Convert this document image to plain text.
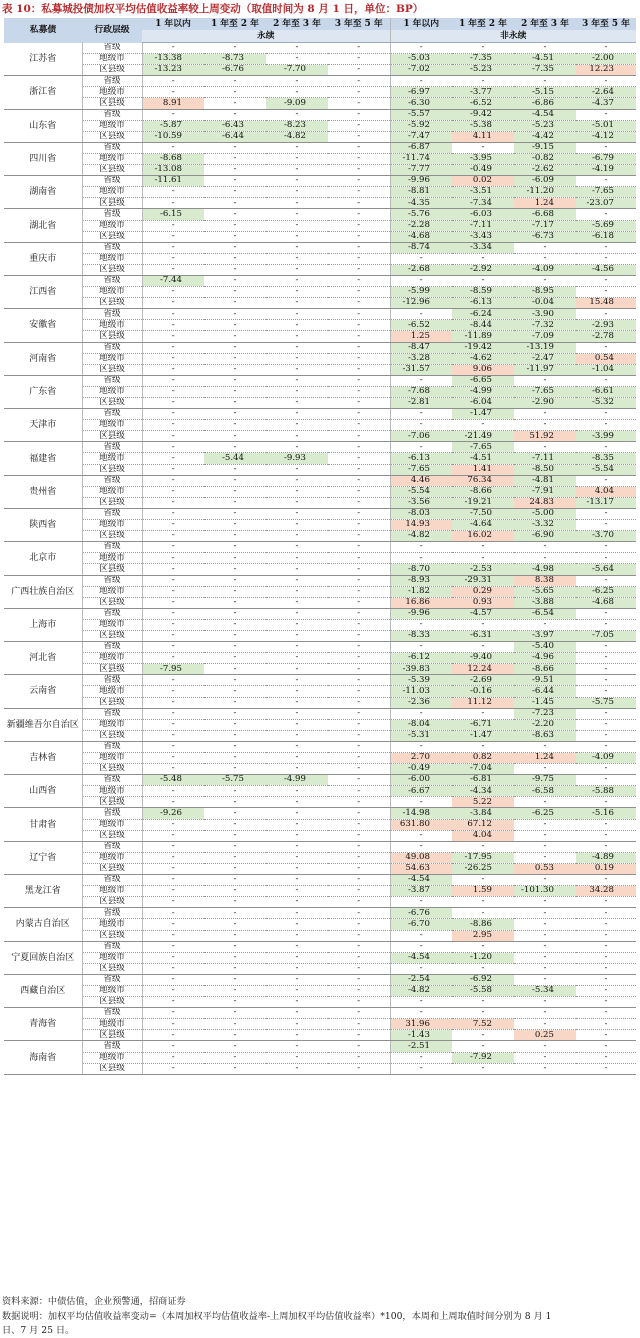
表 10：私募城投债加权平均估值收益率较上周变动（取值时间为 8 月 1 日，单位：BP）
私募债	行政层级	1 年以内	1 年至 2 年	2 年至 3 年	3 年至 5 年	1 年以内	1 年至 2 年	2 年至 3 年	3 年至 5 年
		永续				非永续			
江苏省	省级	-	-	-	-	-	-	-	-
	地级市	-13.38	-8.73	-	-	-5.03	-7.35	-4.51	-2.00
	区县级	-13.23	-6.76	-7.70	-	-7.02	-5.23	-7.35	12.23
浙江省	省级	-	-	-	-	-	-	-	-
	地级市	-	-	-	-	-6.97	-3.77	-5.15	-2.64
	区县级	8.91	-	-9.09	-	-6.30	-6.52	-6.86	-4.37
山东省	省级	-	-	-	-	-5.57	-9.42	-4.54	-
	地级市	-5.87	-6.43	-8.23	-	-5.92	-5.38	-5.23	-5.01
	区县级	-10.59	-6.44	-4.82	-	-7.47	4.11	-4.42	-4.12
四川省	省级	-	-	-	-	-6.87	-	-9.15	-
	地级市	-8.68	-	-	-	-11.74	-3.95	-0.82	-6.79
	区县级	-13.08	-	-	-	-7.77	-0.49	-2.62	-4.19
湖南省	省级	-11.61	-	-	-	-9.96	0.02	-6.09	-
	地级市	-	-	-	-	-8.81	-3.51	-11.20	-7.65
	区县级	-	-	-	-	-4.35	-7.34	1.24	-23.07
湖北省	省级	-6.15	-	-	-	-5.76	-6.03	-6.68	-
	地级市	-	-	-	-	-2.28	-7.11	-7.17	-5.69
	区县级	-	-	-	-	-4.68	-3.43	-6.73	-6.18
重庆市	省级	-	-	-	-	-8.74	-3.34	-	-
	地级市	-	-	-	-	-	-	-	-
	区县级	-	-	-	-	-2.68	-2.92	-4.09	-4.56
江西省	省级	-7.44	-	-	-	-	-	-	-
	地级市	-	-	-	-	-5.99	-8.59	-8.95	-
	区县级	-	-	-	-	-12.96	-6.13	-0.04	15.48
安徽省	省级	-	-	-	-	-	-6.24	-3.90	-
	地级市	-	-	-	-	-6.52	-8.44	-7.32	-2.93
	区县级	-	-	-	-	1.25	-11.89	-7.09	-2.78
河南省	省级	-	-	-	-	-8.47	-19.42	-13.19	-
	地级市	-	-	-	-	-3.28	-4.62	-2.47	0.54
	区县级	-	-	-	-	-31.57	9.06	-11.97	-1.04
广东省	省级	-	-	-	-	-	-6.65	-	-
	地级市	-	-	-	-	-7.68	-4.99	-7.65	-6.61
	区县级	-	-	-	-	-2.81	-6.04	-2.90	-5.32
天津市	省级	-	-	-	-	-	-1.47	-	-
	地级市	-	-	-	-	-	-	-	-
	区县级	-	-	-	-	-7.06	-21.49	51.92	-3.99
福建省	省级	-	-	-	-	-	-7.65	-	-
	地级市	-	-5.44	-9.93	-	-6.13	-4.51	-7.11	-8.35
	区县级	-	-	-	-	-7.65	1.41	-8.50	-5.54
贵州省	省级	-	-	-	-	4.46	76.34	-4.81	-
	地级市	-	-	-	-	-5.54	-8.66	-7.91	4.04
	区县级	-	-	-	-	-3.56	-19.21	24.83	-13.17
陕西省	省级	-	-	-	-	-8.03	-7.50	-5.00	-
	地级市	-	-	-	-	14.93	-4.64	-3.32	-
	区县级	-	-	-	-	-4.82	16.02	-6.90	-3.70
北京市	省级	-	-	-	-	-	-	-	-
	地级市	-	-	-	-	-	-	-	-
	区县级	-	-	-	-	-8.70	-2.53	-4.98	-5.64
广西壮族自治区	省级	-	-	-	-	-8.93	-29.31	8.38	-
	地级市	-	-	-	-	-1.82	0.29	-5.65	-6.25
	区县级	-	-	-	-	16.86	0.93	-3.88	-4.68
上海市	省级	-	-	-	-	-9.96	-4.57	-6.54	-
	地级市	-	-	-	-	-	-	-	-
	区县级	-	-	-	-	-8.33	-6.31	-3.97	-7.05
河北省	省级	-	-	-	-	-	-	-5.40	-
	地级市	-	-	-	-	-6.12	-9.40	-4.96	-
	区县级	-7.95	-	-	-	-39.83	12.24	-8.66	-
云南省	省级	-	-	-	-	-5.39	-2.69	-9.51	-
	地级市	-	-	-	-	-11.03	-0.16	-6.44	-
	区县级	-	-	-	-	-2.36	11.12	-1.45	-5.75
新疆维吾尔自治区	省级	-	-	-	-	-	-	-7.23	-
	地级市	-	-	-	-	-8.04	-6.71	-2.20	-
	区县级	-	-	-	-	-5.31	-1.47	-8.63	-
吉林省	省级	-	-	-	-	-	-	-	-
	地级市	-	-	-	-	2.70	0.82	1.24	-4.09
	区县级	-	-	-	-	-0.49	-7.04	-	-
山西省	省级	-5.48	-5.75	-4.99	-	-6.00	-6.81	-9.75	-
	地级市	-	-	-	-	-6.67	-4.34	-6.58	-5.88
	区县级	-	-	-	-	-	5.22	-	-
甘肃省	省级	-9.26	-	-	-	-14.98	-3.84	-6.25	-5.16
	地级市	-	-	-	-	631.80	67.12	-	-
	区县级	-	-	-	-	-	4.04	-	-
辽宁省	省级	-	-	-	-	-	-	-	-
	地级市	-	-	-	-	49.08	-17.95	-	-4.89
	区县级	-	-	-	-	54.63	-26.25	0.53	0.19
黑龙江省	省级	-	-	-	-	-4.54	-	-	-
	地级市	-	-	-	-	-3.87	1.59	-101.30	34.28
	区县级	-	-	-	-	-	-	-	-
内蒙古自治区	省级	-	-	-	-	-6.76	-	-	-
	地级市	-	-	-	-	-6.70	-8.86	-	-
	区县级	-	-	-	-	-	2.95	-	-
宁夏回族自治区	省级	-	-	-	-	-	-	-	-
	地级市	-	-	-	-	-4.54	-1.20	-	-
	区县级	-	-	-	-	-	-	-	-
西藏自治区	省级	-	-	-	-	-2.54	-6.92	-	-
	地级市	-	-	-	-	-4.82	-5.58	-5.34	-
	区县级	-	-	-	-	-	-	-	-
青海省	省级	-	-	-	-	-	-	-	-
	地级市	-	-	-	-	31.96	7.52	-	-
	区县级	-	-	-	-	-1.43	-	0.25	-
海南省	省级	-	-	-	-	-2.51	-	-	-
	地级市	-	-	-	-	-	-7.92	-	-
	区县级	-	-	-	-	-	-	-	-
资料来源：中债估值，企业预警通，招商证券
数据说明：加权平均估值收益率变动=（本周加权平均估值收益率-上周加权平均估值收益率）*100，本周和上周取值时间分别为 8 月 1
日、7 月 25 日。
